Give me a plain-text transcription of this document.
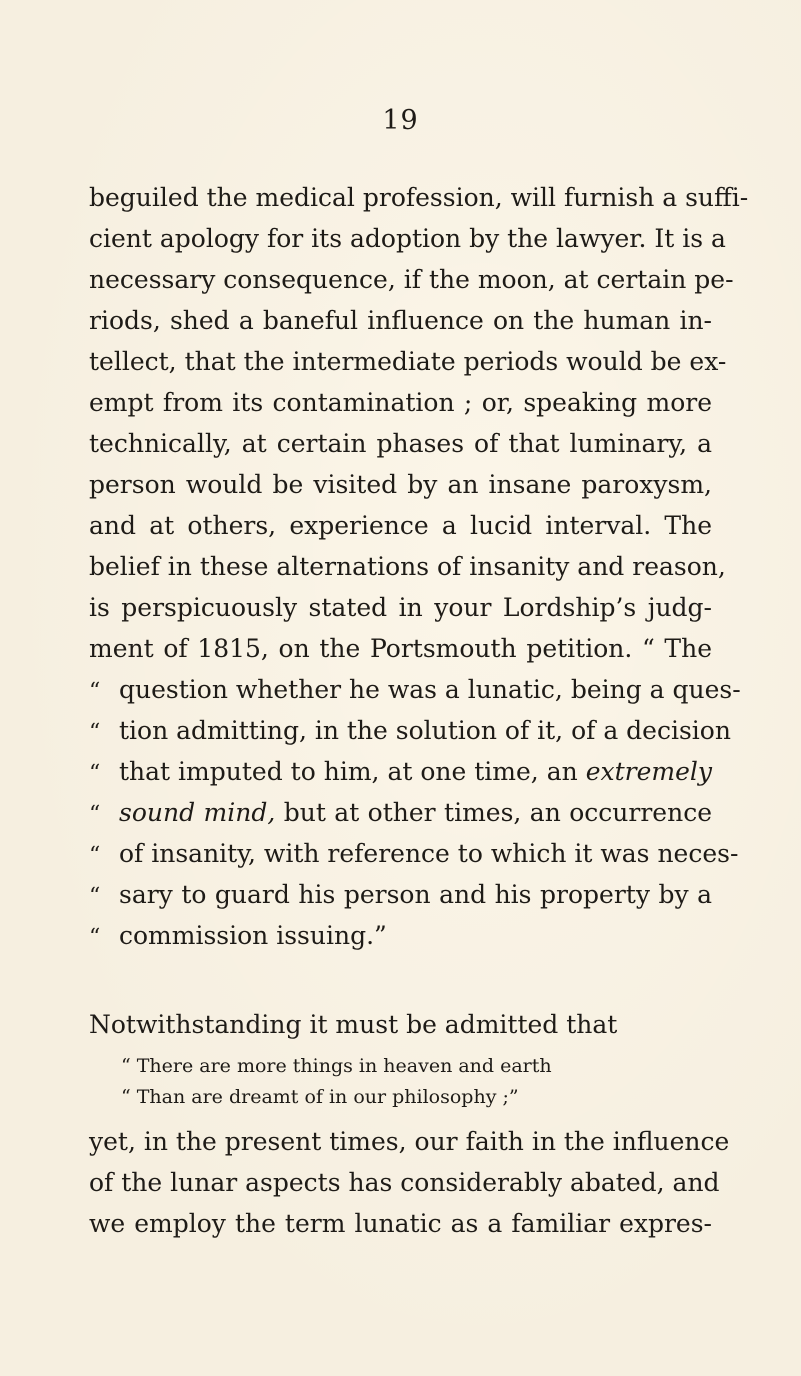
19
beguiled the medical profession, will furnish a suffi-
cient apology for its adoption by the lawyer. It is a
necessary consequence, if the moon, at certain pe-
riods, shed a baneful influence on the human in-
tellect, that the intermediate periods would be ex-
empt from its contamination ; or, speaking more
technically, at certain phases of that luminary, a
person would be visited by an insane paroxysm,
and at others, experience a lucid interval. The
belief in these alternations of insanity and reason,
is perspicuously stated in your Lordship’s judg-
ment of 1815, on the Portsmouth petition. “ The
“ question whether he was a lunatic, being a ques-
“ tion admitting, in the solution of it, of a decision
“ that imputed to him, at one time, an extremely
“ sound mind, but at other times, an occurrence
“ of insanity, with reference to which it was neces-
“ sary to guard his person and his property by a
“ commission issuing.”
Notwithstanding it must be admitted that
“ There are more things in heaven and earth
“ Than are dreamt of in our philosophy ;”
yet, in the present times, our faith in the influence
of the lunar aspects has considerably abated, and
we employ the term lunatic as a familiar expres-
